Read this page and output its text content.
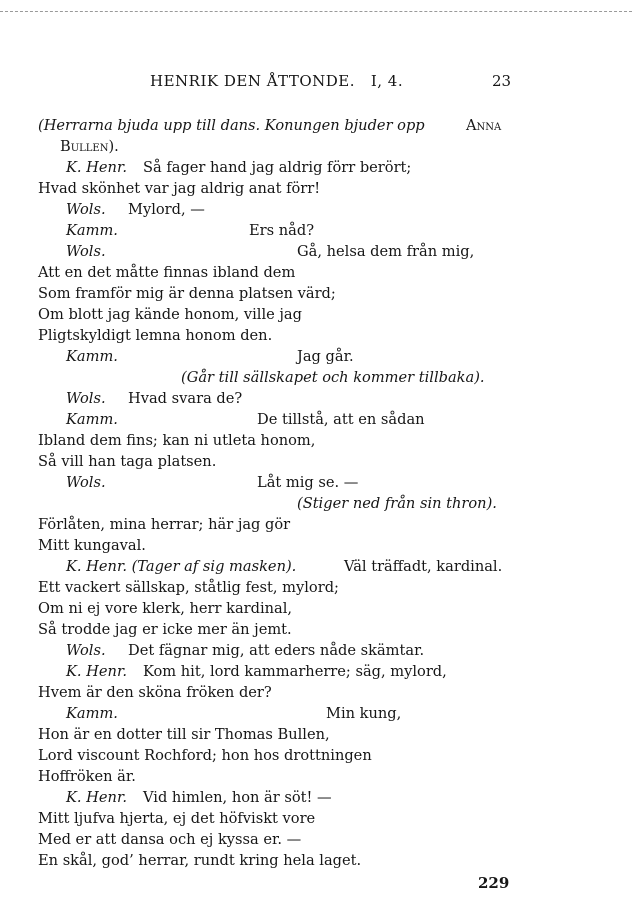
HENRIK DEN ÅTTONDE. I, 4.	23
(Herrarna bjuda upp till dans. Konungen bjuder opp	Anna
Bullen).
K. Henr. Så fager hand jag aldrig förr berört;
Hvad skönhet var jag aldrig anat förr!
Wols. Mylord, —
Kamm.	Ers nåd?
Wols.	Gå, helsa dem från mig,
Att en det måtte finnas ibland dem
Som framför mig är denna platsen värd;
Om blott jag kände honom, ville jag
Pligtskyldigt lemna honom den.
Kamm.	Jag går.
(Går till sällskapet och kommer tillbaka).
Wols. Hvad svara de?
Kamm.	De tillstå, att en sådan
Ibland dem fins; kan ni utleta honom,
Så vill han taga platsen.
Wols.	Låt mig se. —
(Stiger ned från sin thron).
Förlåten, mina herrar; här jag gör
Mitt kungaval.
K. Henr. (Tager af sig masken).	Väl träffadt, kardinal.
Ett vackert sällskap, ståtlig fest, mylord;
Om ni ej vore klerk, herr kardinal,
Så trodde jag er icke mer än jemt.
Wols. Det fägnar mig, att eders nåde skämtar.
K. Henr. Kom hit, lord kammarherre; säg, mylord,
Hvem är den sköna fröken der?
Kamm.	Min kung,
Hon är en dotter till sir Thomas Bullen,
Lord viscount Rochford; hon hos drottningen
Hoffröken är.
K. Henr. Vid himlen, hon är söt! —
Mitt ljufva hjerta, ej det höfviskt vore
Med er att dansa och ej kyssa er. —
En skål, god’ herrar, rundt kring hela laget.
229
